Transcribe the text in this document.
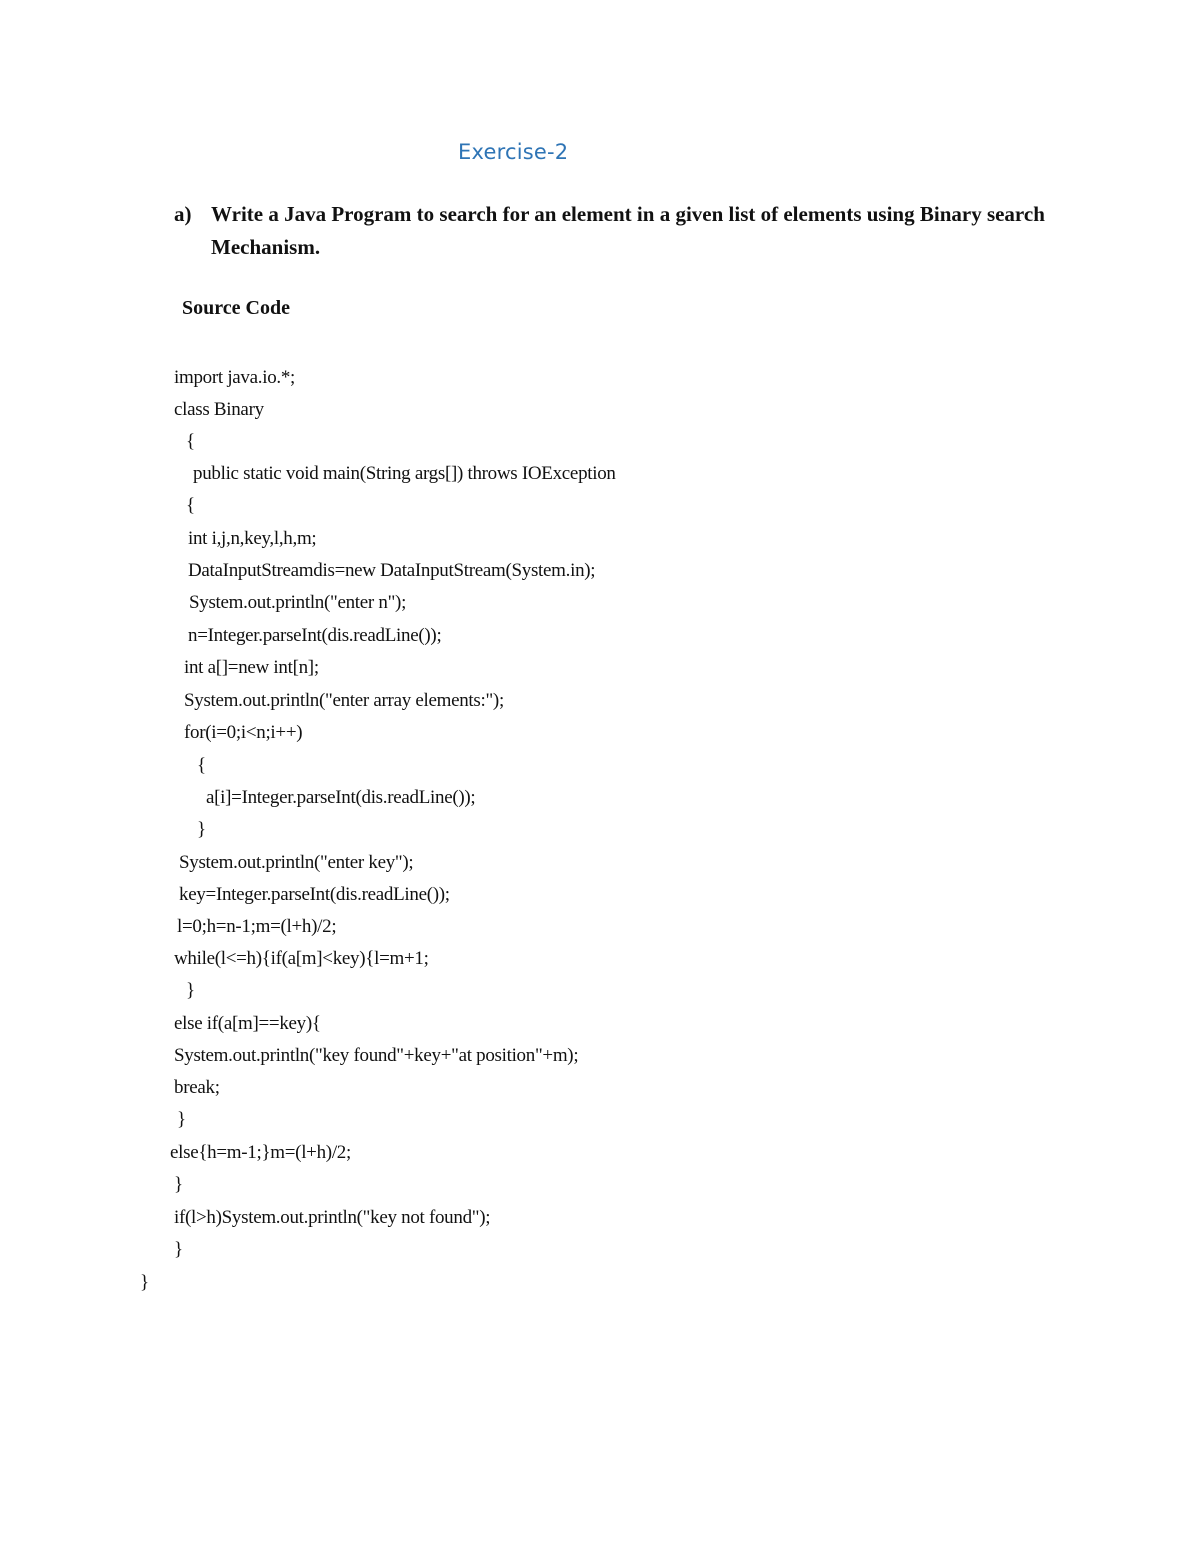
Exercise-2
a) Write a Java Program to search for an element in a given list of elements using Binary search Mechanism.
Source Code
import java.io.*;
class Binary
{
public static void main(String args[]) throws IOException
{
int i,j,n,key,l,h,m;
DataInputStreamdis=new DataInputStream(System.in);
System.out.println("enter n");
n=Integer.parseInt(dis.readLine());
int a[]=new int[n];
System.out.println("enter array elements:");
for(i=0;i<n;i++)
{
a[i]=Integer.parseInt(dis.readLine());
}
System.out.println("enter key");
key=Integer.parseInt(dis.readLine());
l=0;h=n-1;m=(l+h)/2;
while(l<=h){if(a[m]<key){l=m+1;
}
else if(a[m]==key){
System.out.println("key found"+key+"at position"+m);
break;
}
else{h=m-1;}m=(l+h)/2;
}
if(l>h)System.out.println("key not found");
}
}
